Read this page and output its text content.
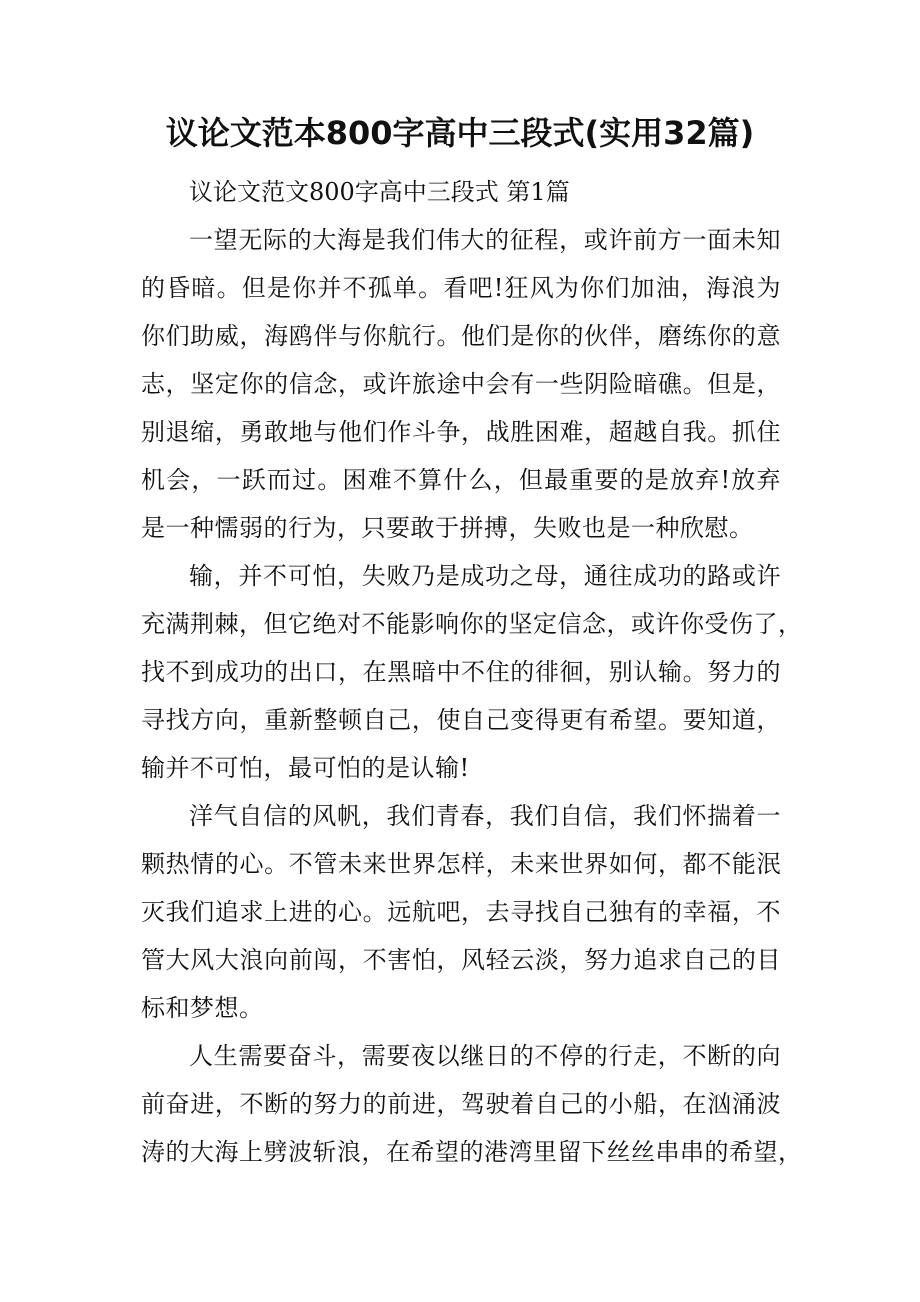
议论文范本800字高中三段式(实用32篇)

议论文范文800字高中三段式 第1篇

一望无际的大海是我们伟大的征程，或许前方一面未知
的昏暗。但是你并不孤单。看吧!狂风为你们加油，海浪为
你们助威，海鸥伴与你航行。他们是你的伙伴，磨练你的意
志，坚定你的信念，或许旅途中会有一些阴险暗礁。但是，
别退缩，勇敢地与他们作斗争，战胜困难，超越自我。抓住
机会，一跃而过。困难不算什么，但最重要的是放弃!放弃
是一种懦弱的行为，只要敢于拼搏，失败也是一种欣慰。

输，并不可怕，失败乃是成功之母，通往成功的路或许
充满荆棘，但它绝对不能影响你的坚定信念，或许你受伤了，
找不到成功的出口，在黑暗中不住的徘徊，别认输。努力的
寻找方向，重新整顿自己，使自己变得更有希望。要知道，
输并不可怕，最可怕的是认输!

洋气自信的风帆，我们青春，我们自信，我们怀揣着一
颗热情的心。不管未来世界怎样，未来世界如何，都不能泯
灭我们追求上进的心。远航吧，去寻找自己独有的幸福，不
管大风大浪向前闯，不害怕，风轻云淡，努力追求自己的目
标和梦想。

人生需要奋斗，需要夜以继日的不停的行走，不断的向
前奋进，不断的努力的前进，驾驶着自己的小船，在汹涌波
涛的大海上劈波斩浪，在希望的港湾里留下丝丝串串的希望，
